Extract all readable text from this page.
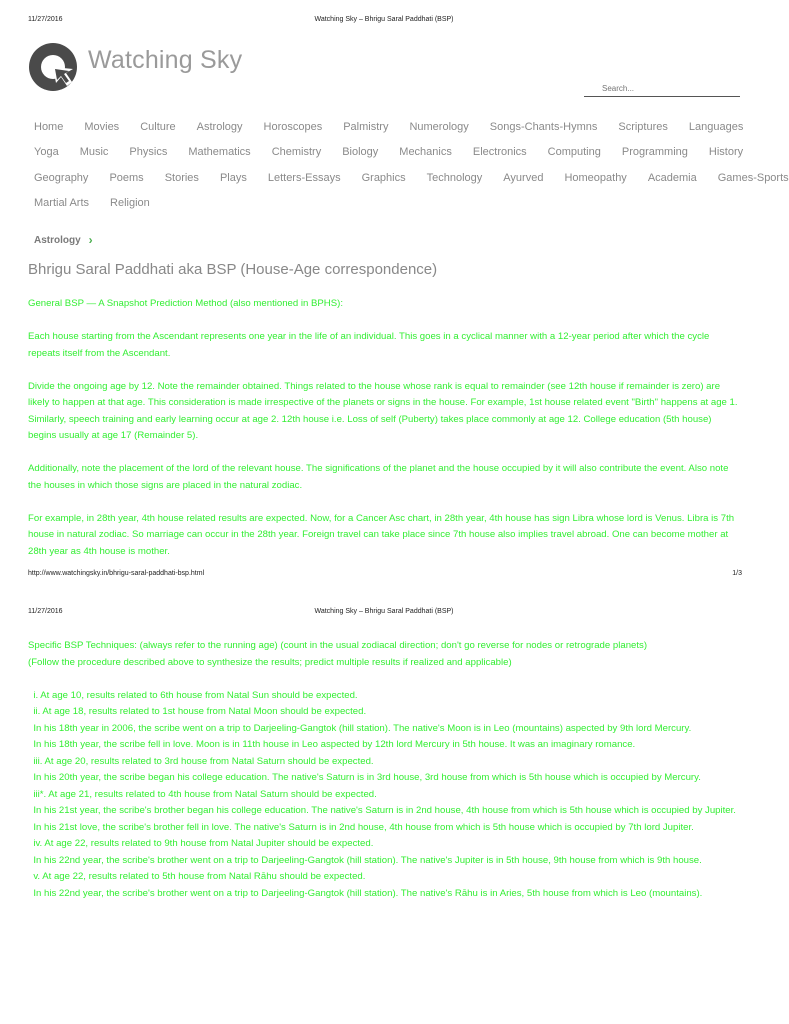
11/27/2016	Watching Sky – Bhrigu Saral Paddhati (BSP)
Watching Sky
Search...
Home Movies Culture Astrology Horoscopes Palmistry Numerology Songs-Chants-Hymns Scriptures Languages
Yoga Music Physics Mathematics Chemistry Biology Mechanics Electronics Computing Programming History
Geography Poems Stories Plays Letters-Essays Graphics Technology Ayurved Homeopathy Academia Games-Sports
Martial Arts Religion
Astrology ›
Bhrigu Saral Paddhati aka BSP (House-Age correspondence)

General BSP — A Snapshot Prediction Method (also mentioned in BPHS):

Each house starting from the Ascendant represents one year in the life of an individual. This goes in a cyclical manner with a 12-year period after which the cycle repeats itself from the Ascendant.

Divide the ongoing age by 12. Note the remainder obtained. Things related to the house whose rank is equal to remainder (see 12th house if remainder is zero) are likely to happen at that age. This consideration is made irrespective of the planets or signs in the house. For example, 1st house related event "Birth" happens at age 1. Similarly, speech training and early learning occur at age 2. 12th house i.e. Loss of self (Puberty) takes place commonly at age 12. College education (5th house) begins usually at age 17 (Remainder 5).

Additionally, note the placement of the lord of the relevant house. The significations of the planet and the house occupied by it will also contribute the event. Also note the houses in which those signs are placed in the natural zodiac.

For example, in 28th year, 4th house related results are expected. Now, for a Cancer Asc chart, in 28th year, 4th house has sign Libra whose lord is Venus. Libra is 7th house in natural zodiac. So marriage can occur in the 28th year. Foreign travel can take place since 7th house also implies travel abroad. One can become mother at 28th year as 4th house is mother.

http://www.watchingsky.in/bhrigu-saral-paddhati-bsp.html	1/3
11/27/2016	Watching Sky – Bhrigu Saral Paddhati (BSP)

Specific BSP Techniques: (always refer to the running age) (count in the usual zodiacal direction; don't go reverse for nodes or retrograde planets)

(Follow the procedure described above to synthesize the results; predict multiple results if realized and applicable)

i. At age 10, results related to 6th house from Natal Sun should be expected.

ii. At age 18, results related to 1st house from Natal Moon should be expected.

In his 18th year in 2006, the scribe went on a trip to Darjeeling-Gangtok (hill station). The native's Moon is in Leo (mountains) aspected by 9th lord Mercury.

In his 18th year, the scribe fell in love. Moon is in 11th house in Leo aspected by 12th lord Mercury in 5th house. It was an imaginary romance.

iii. At age 20, results related to 3rd house from Natal Saturn should be expected.

In his 20th year, the scribe began his college education. The native's Saturn is in 3rd house, 3rd house from which is 5th house which is occupied by Mercury.

iii*. At age 21, results related to 4th house from Natal Saturn should be expected.

In his 21st year, the scribe's brother began his college education. The native's Saturn is in 2nd house, 4th house from which is 5th house which is occupied by Jupiter.

In his 21st love, the scribe's brother fell in love. The native's Saturn is in 2nd house, 4th house from which is 5th house which is occupied by 7th lord Jupiter.

iv. At age 22, results related to 9th house from Natal Jupiter should be expected.

In his 22nd year, the scribe's brother went on a trip to Darjeeling-Gangtok (hill station). The native's Jupiter is in 5th house, 9th house from which is 9th house.

v. At age 22, results related to 5th house from Natal Rāhu should be expected.

In his 22nd year, the scribe's brother went on a trip to Darjeeling-Gangtok (hill station). The native's Rāhu is in Aries, 5th house from which is Leo (mountains).
